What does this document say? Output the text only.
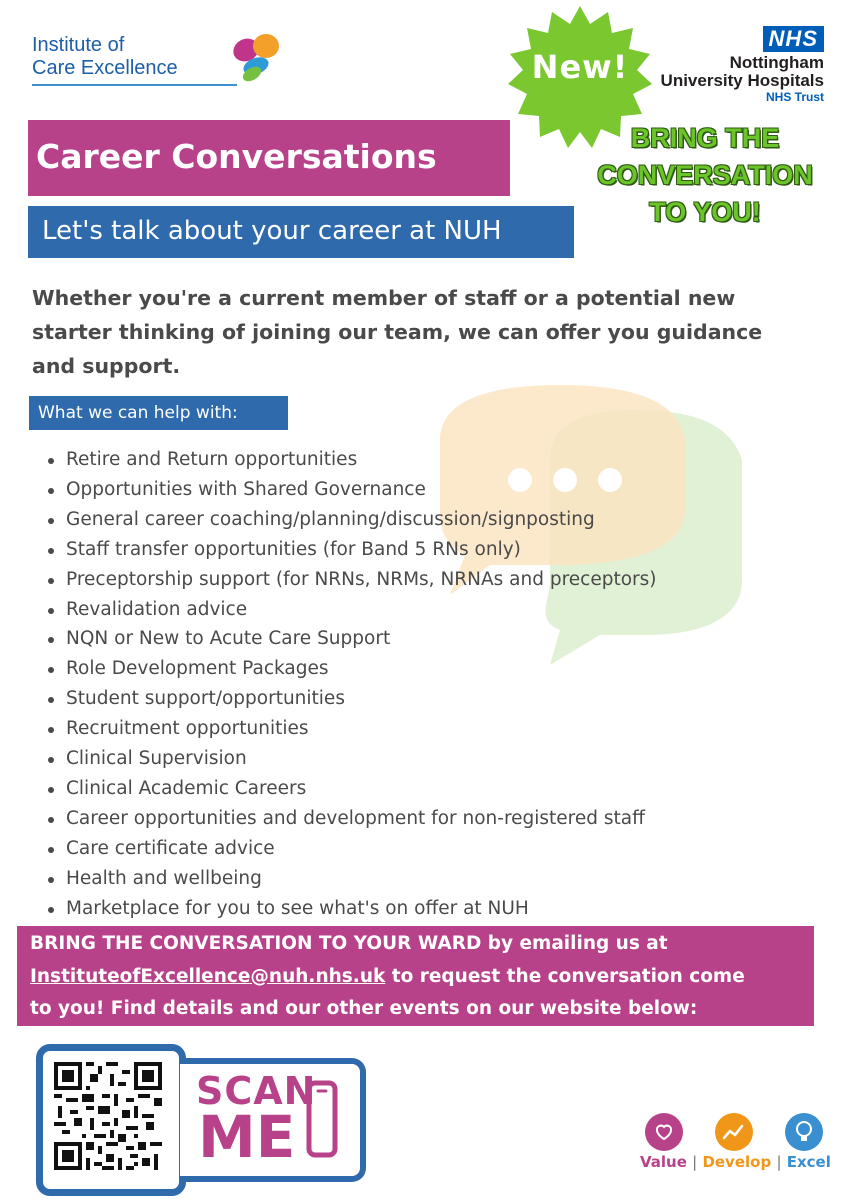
Institute of
Care Excellence
NHS
Nottingham
University Hospitals
NHS Trust
New!
BRING THE
CONVERSATION
TO YOU!
Career Conversations
Let's talk about your career at NUH
Whether you're a current member of staff or a potential new starter thinking of joining our team, we can offer you guidance and support.
What we can help with:
Retire and Return opportunities
Opportunities with Shared Governance
General career coaching/planning/discussion/signposting
Staff transfer opportunities (for Band 5 RNs only)
Preceptorship support (for NRNs, NRMs, NRNAs and preceptors)
Revalidation advice
NQN or New to Acute Care Support
Role Development Packages
Student support/opportunities
Recruitment opportunities
Clinical Supervision
Clinical Academic Careers
Career opportunities and development for non-registered staff
Care certificate advice
Health and wellbeing
Marketplace for you to see what's on offer at NUH
BRING THE CONVERSATION TO YOUR WARD by emailing us at
InstituteofExcellence@nuh.nhs.uk to request the conversation come
to you! Find details and our other events on our website below:
SCAN
ME	Value | Develop | Excel
